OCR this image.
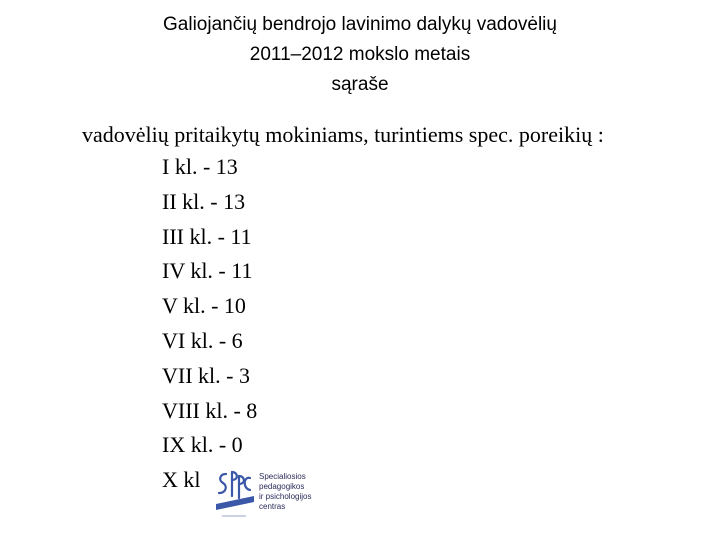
Galiojančių bendrojo lavinimo dalykų vadovėlių
2011–2012 mokslo metais
sąraše

vadovėlių pritaikytų mokiniams, turintiems spec. poreikių :

I kl. - 13
II kl. - 13
III kl. - 11
IV kl. - 11
V kl. - 10
VI kl. - 6
VII kl. - 3
VIII kl. - 8
IX kl. - 0
X kl	Specialiosios
pedagogikos
ir psichologijos
centras
